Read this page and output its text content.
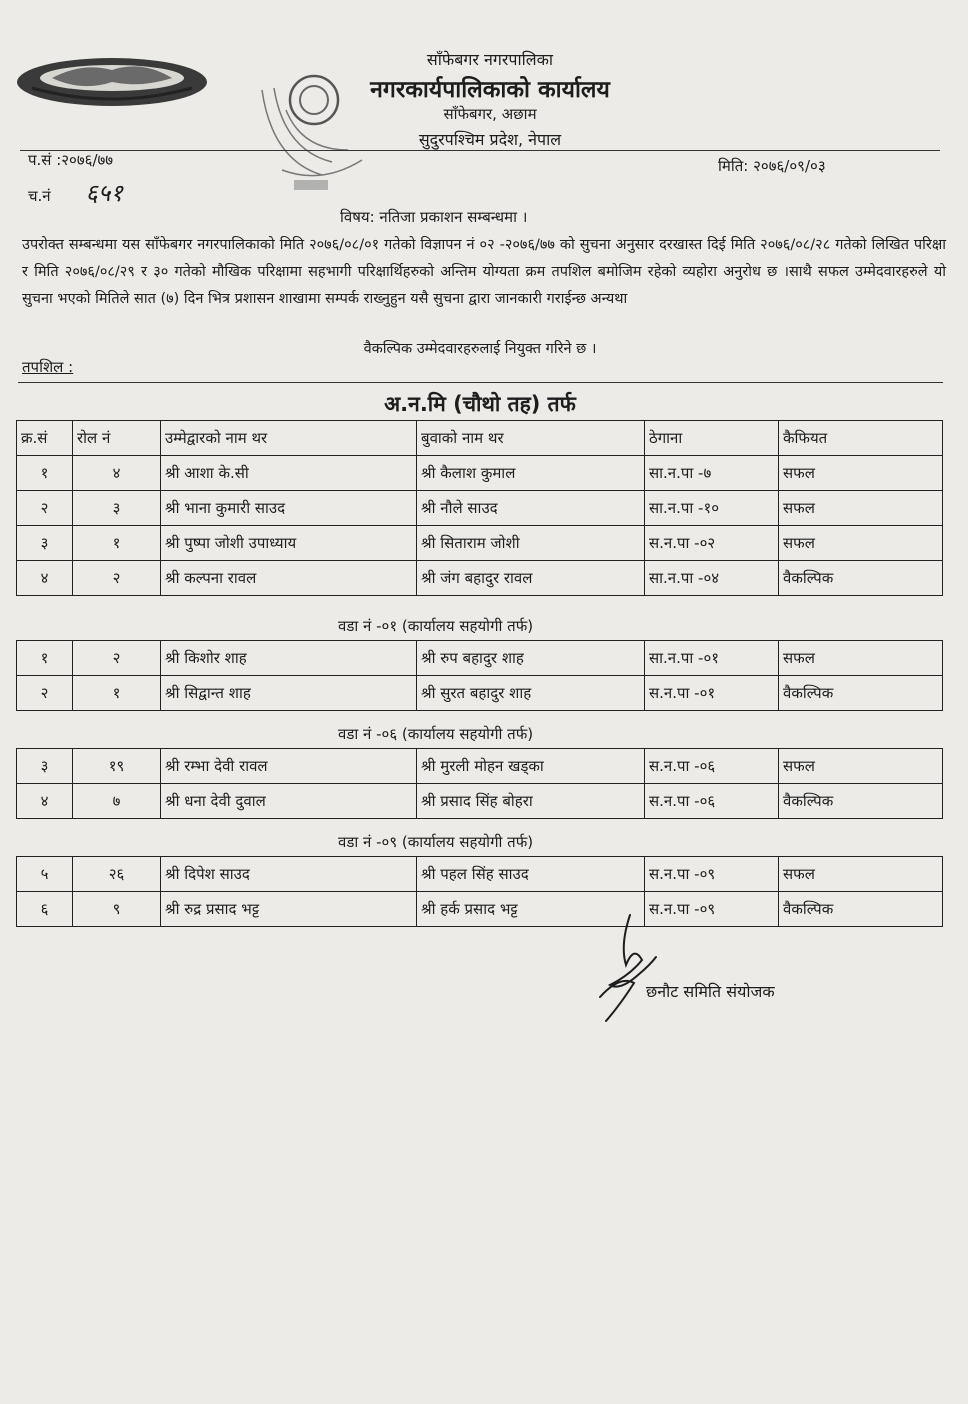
साँफेबगर नगरपालिका
नगरकार्यपालिकाको कार्यालय
साँफेबगर, अछाम
सुदुरपश्चिम प्रदेश, नेपाल
प.सं :२०७६/७७
च.नं ६५१
मिति: २०७६/०९/०३
विषय: नतिजा प्रकाशन सम्बन्धमा ।
उपरोक्त सम्बन्धमा यस साँफेबगर नगरपालिकाको मिति २०७६/०८/०१ गतेको विज्ञापन नं ०२ -२०७६/७७ को सुचना अनुसार दरखास्त दिई मिति २०७६/०८/२८ गतेको लिखित परिक्षा र मिति २०७६/०८/२९ र ३० गतेको मौखिक परिक्षामा सहभागी परिक्षार्थिहरुको अन्तिम योग्यता क्रम तपशिल बमोजिम रहेको व्यहोरा अनुरोध छ ।साथै सफल उम्मेदवारहरुले यो सुचना भएको मितिले सात (७) दिन भित्र प्रशासन शाखामा सम्पर्क राख्नुहुन यसै सुचना द्वारा जानकारी गराईन्छ अन्यथा
वैकल्पिक उम्मेदवारहरुलाई नियुक्त गरिने छ ।
तपशिल :
अ.न.मि (चौथो तह) तर्फ
क्र.सं	रोल नं	उम्मेद्वारको नाम थर	बुवाको नाम थर	ठेगाना	कैफियत
१	४	श्री आशा के.सी	श्री कैलाश कुमाल	सा.न.पा -७	सफल
२	३	श्री भाना कुमारी साउद	श्री नौले साउद	सा.न.पा -१०	सफल
३	१	श्री पुष्पा जोशी उपाध्याय	श्री सिताराम जोशी	स.न.पा -०२	सफल
४	२	श्री कल्पना रावल	श्री जंग बहादुर रावल	सा.न.पा -०४	वैकल्पिक
वडा नं -०१ (कार्यालय सहयोगी तर्फ)
१	२	श्री किशोर शाह	श्री रुप बहादुर शाह	सा.न.पा -०१	सफल
२	१	श्री सिद्वान्त शाह	श्री सुरत बहादुर शाह	स.न.पा -०१	वैकल्पिक
वडा नं -०६ (कार्यालय सहयोगी तर्फ)
३	१९	श्री रम्भा देवी रावल	श्री मुरली मोहन खड्का	स.न.पा -०६	सफल
४	७	श्री धना देवी दुवाल	श्री प्रसाद सिंह बोहरा	स.न.पा -०६	वैकल्पिक
वडा नं -०९ (कार्यालय सहयोगी तर्फ)
५	२६	श्री दिपेश साउद	श्री पहल सिंह साउद	स.न.पा -०९	सफल
६	९	श्री रुद्र प्रसाद भट्ट	श्री हर्क प्रसाद भट्ट	स.न.पा -०९	वैकल्पिक
छनौट समिति संयोजक
